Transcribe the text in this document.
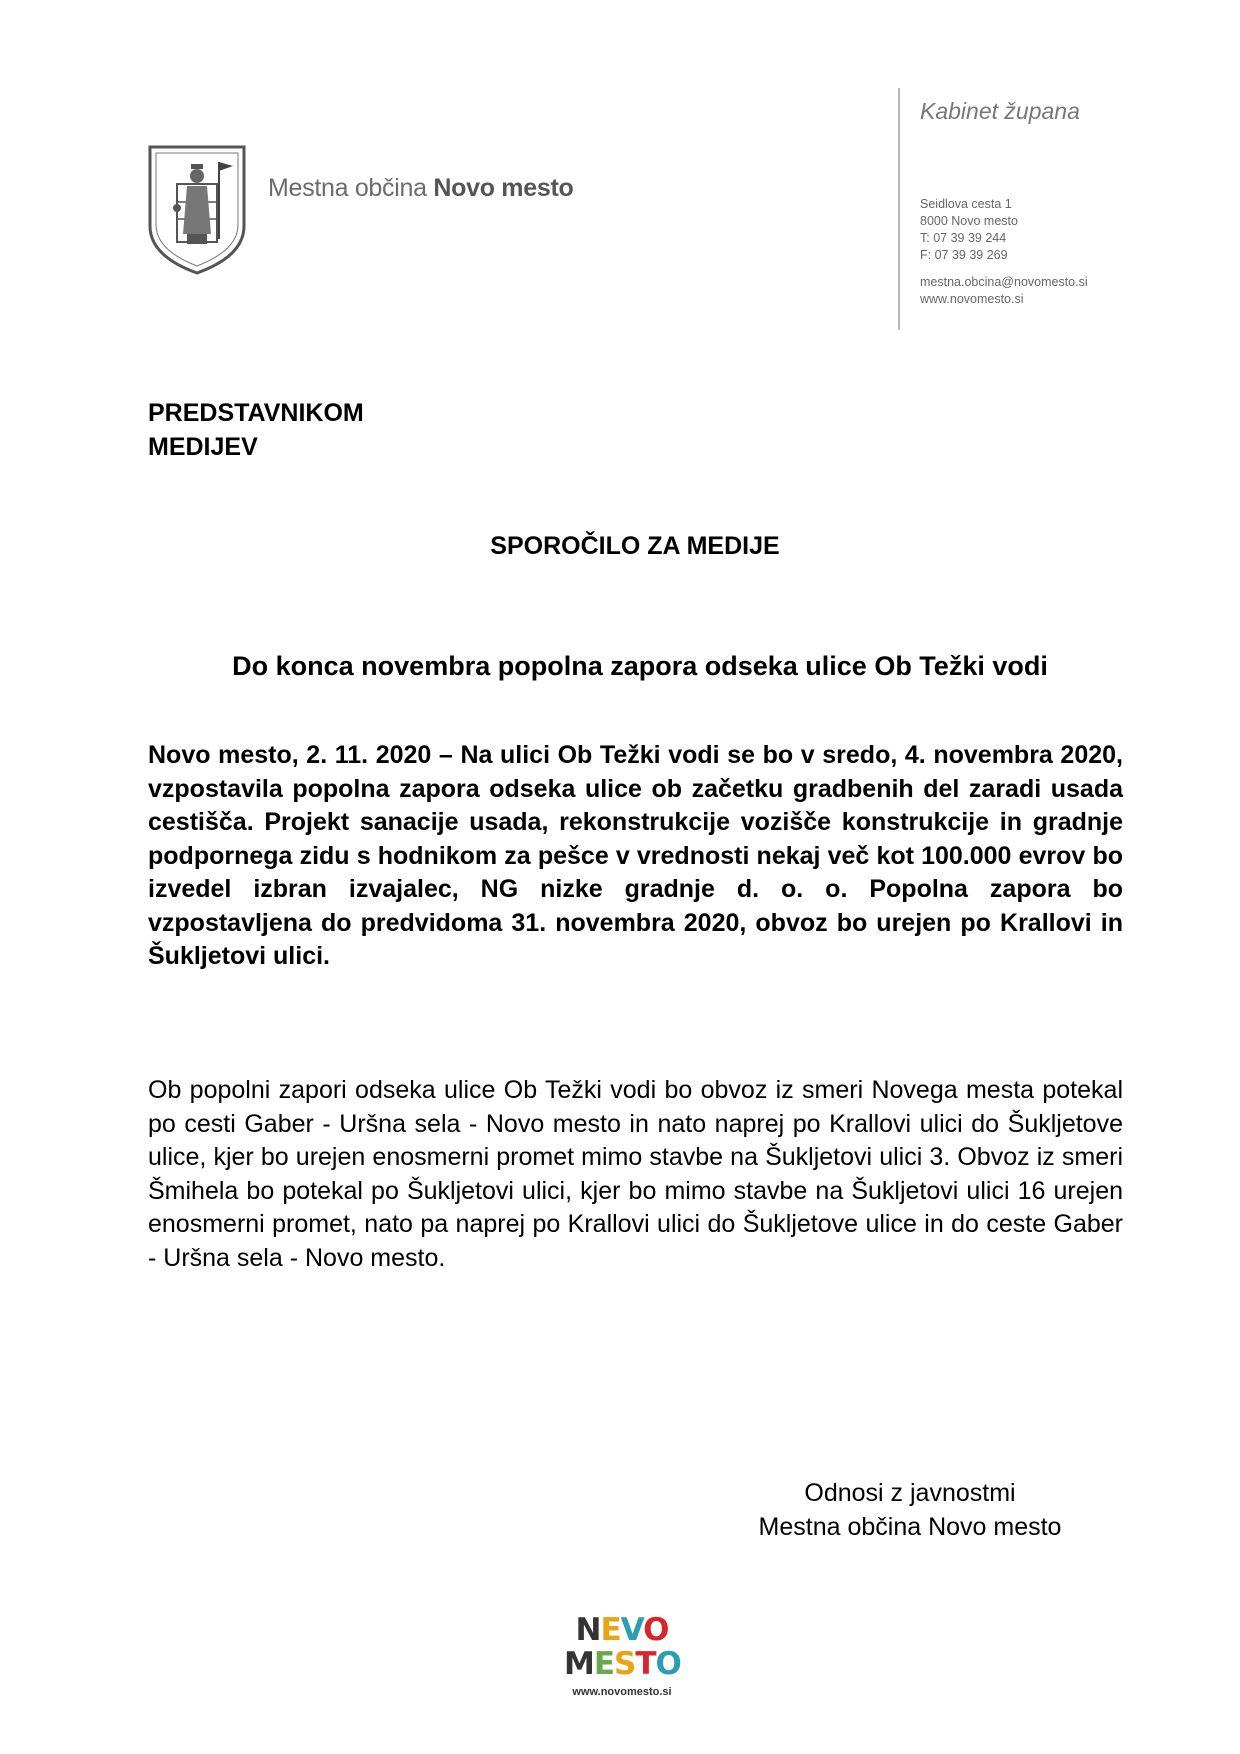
Mestna občina Novo mesto
Kabinet župana
Seidlova cesta 1
8000 Novo mesto
T: 07 39 39 244
F: 07 39 39 269
mestna.obcina@novomesto.si
www.novomesto.si
PREDSTAVNIKOM
MEDIJEV
SPOROČILO ZA MEDIJE
Do konca novembra popolna zapora odseka ulice Ob Težki vodi
Novo mesto, 2. 11. 2020 – Na ulici Ob Težki vodi se bo v sredo, 4. novembra 2020, vzpostavila popolna zapora odseka ulice ob začetku gradbenih del zaradi usada cestišča. Projekt sanacije usada, rekonstrukcije vozišče konstrukcije in gradnje podpornega zidu s hodnikom za pešce v vrednosti nekaj več kot 100.000 evrov bo izvedel izbran izvajalec, NG nizke gradnje d. o. o. Popolna zapora bo vzpostavljena do predvidoma 31. novembra 2020, obvoz bo urejen po Krallovi in Šukljetovi ulici.
Ob popolni zapori odseka ulice Ob Težki vodi bo obvoz iz smeri Novega mesta potekal po cesti Gaber - Uršna sela - Novo mesto in nato naprej po Krallovi ulici do Šukljetove ulice, kjer bo urejen enosmerni promet mimo stavbe na Šukljetovi ulici 3. Obvoz iz smeri Šmihela bo potekal po Šukljetovi ulici, kjer bo mimo stavbe na Šukljetovi ulici 16 urejen enosmerni promet, nato pa naprej po Krallovi ulici do Šukljetove ulice in do ceste Gaber - Uršna sela - Novo mesto.
Odnosi z javnostmi
Mestna občina Novo mesto
NEVO
MESTO
www.novomesto.si
